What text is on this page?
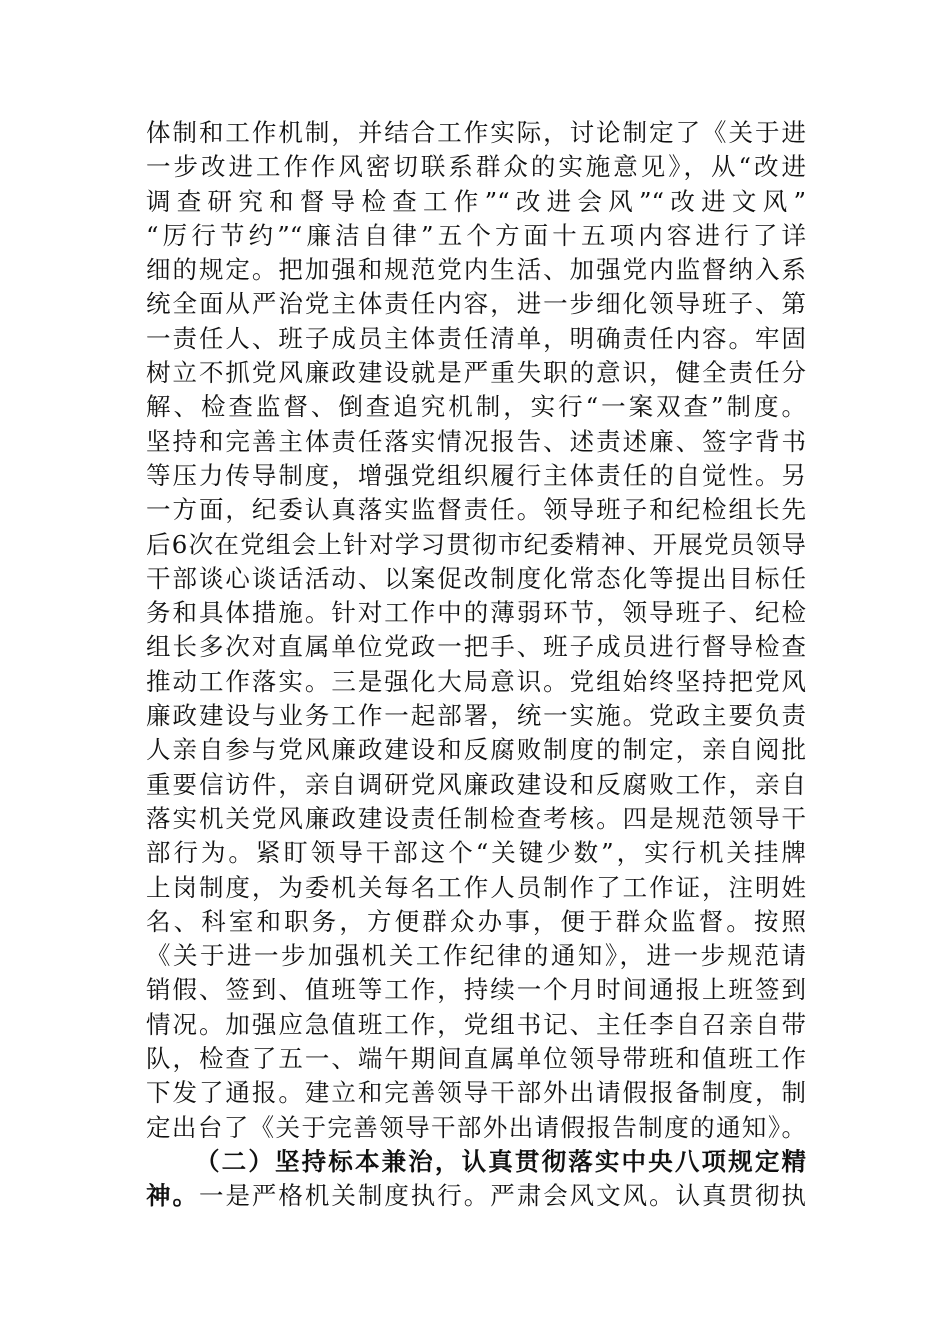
体制和工作机制，并结合工作实际，讨论制定了《关于进
一步改进工作作风密切联系群众的实施意见》，从“改进
调查研究和督导检查工作”“改进会风”“改进文风”
“厉行节约”“廉洁自律”五个方面十五项内容进行了详
细的规定。把加强和规范党内生活、加强党内监督纳入系
统全面从严治党主体责任内容，进一步细化领导班子、第
一责任人、班子成员主体责任清单，明确责任内容。牢固
树立不抓党风廉政建设就是严重失职的意识，健全责任分
解、检查监督、倒查追究机制，实行“一案双查”制度。
坚持和完善主体责任落实情况报告、述责述廉、签字背书
等压力传导制度，增强党组织履行主体责任的自觉性。另
一方面，纪委认真落实监督责任。领导班子和纪检组长先
后6次在党组会上针对学习贯彻市纪委精神、开展党员领导
干部谈心谈话活动、以案促改制度化常态化等提出目标任
务和具体措施。针对工作中的薄弱环节，领导班子、纪检
组长多次对直属单位党政一把手、班子成员进行督导检查
推动工作落实。三是强化大局意识。党组始终坚持把党风
廉政建设与业务工作一起部署，统一实施。党政主要负责
人亲自参与党风廉政建设和反腐败制度的制定，亲自阅批
重要信访件，亲自调研党风廉政建设和反腐败工作，亲自
落实机关党风廉政建设责任制检查考核。四是规范领导干
部行为。紧盯领导干部这个“关键少数”，实行机关挂牌
上岗制度，为委机关每名工作人员制作了工作证，注明姓
名、科室和职务，方便群众办事，便于群众监督。按照
《关于进一步加强机关工作纪律的通知》，进一步规范请
销假、签到、值班等工作，持续一个月时间通报上班签到
情况。加强应急值班工作，党组书记、主任李自召亲自带
队，检查了五一、端午期间直属单位领导带班和值班工作
下发了通报。建立和完善领导干部外出请假报备制度，制
定出台了《关于完善领导干部外出请假报告制度的通知》。
（二）坚持标本兼治，认真贯彻落实中央八项规定精
神。一是严格机关制度执行。严肃会风文风。认真贯彻执
